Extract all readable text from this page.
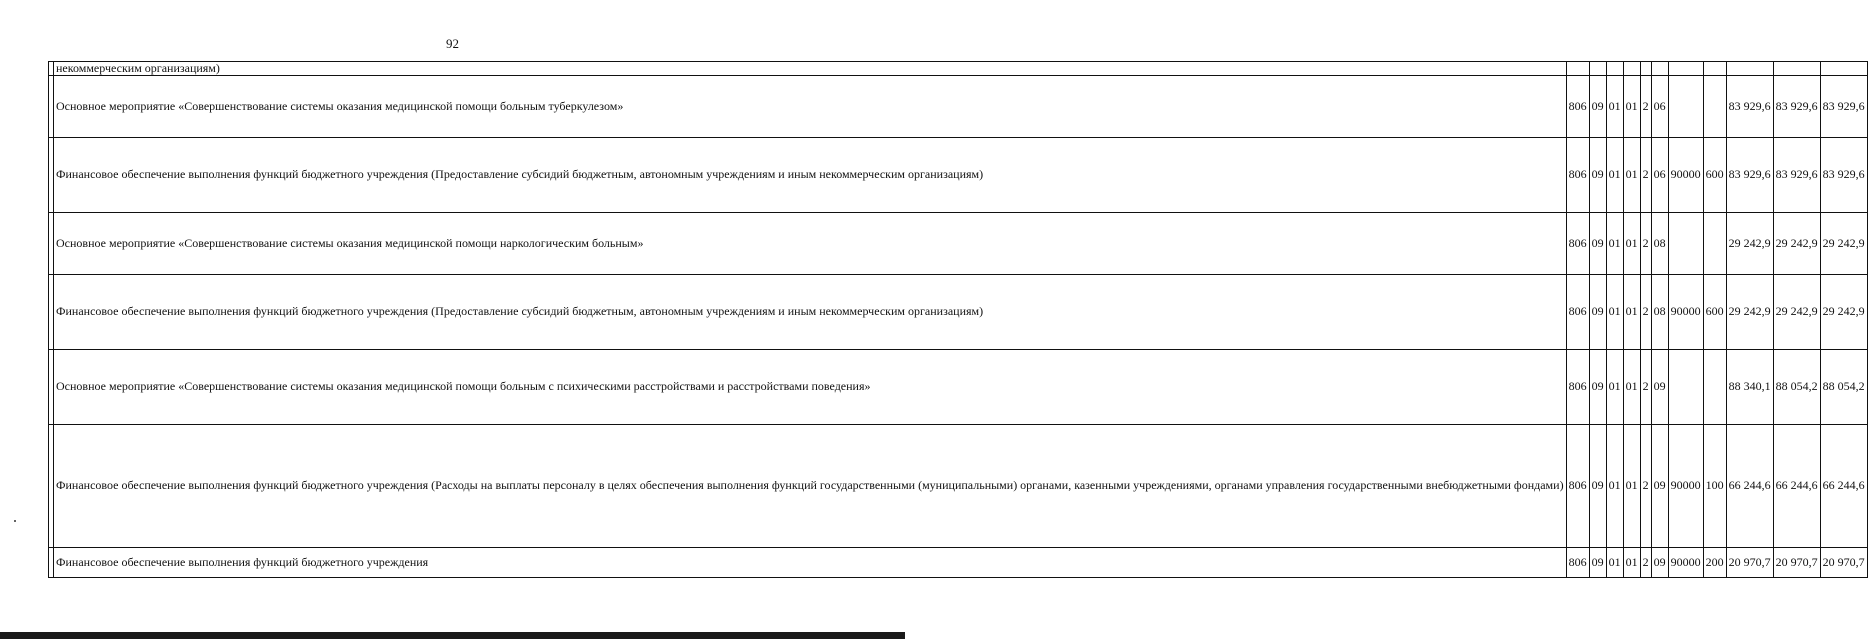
92
	некоммерческим организациям)											
	Основное мероприятие «Совершенствование системы оказания медицинской помощи больным туберкулезом»	806	09	01	01	2	06			83 929,6	83 929,6	83 929,6
	Финансовое обеспечение выполнения функций бюджетного учреждения (Предоставление субсидий бюджетным, автономным учреждениям и иным некоммерческим организациям)	806	09	01	01	2	06	90000	600	83 929,6	83 929,6	83 929,6
	Основное мероприятие «Совершенствование системы оказания медицинской помощи наркологическим больным»	806	09	01	01	2	08			29 242,9	29 242,9	29 242,9
	Финансовое обеспечение выполнения функций бюджетного учреждения (Предоставление субсидий бюджетным, автономным учреждениям и иным некоммерческим организациям)	806	09	01	01	2	08	90000	600	29 242,9	29 242,9	29 242,9
	Основное мероприятие «Совершенствование системы оказания медицинской помощи больным с психическими расстройствами и расстройствами поведения»	806	09	01	01	2	09			88 340,1	88 054,2	88 054,2
	Финансовое обеспечение выполнения функций бюджетного учреждения (Расходы на выплаты персоналу в целях обеспечения выполнения функций государственными (муниципальными) органами, казенными учреждениями, органами управления государственными внебюджетными фондами)	806	09	01	01	2	09	90000	100	66 244,6	66 244,6	66 244,6
	Финансовое обеспечение выполнения функций бюджетного учреждения	806	09	01	01	2	09	90000	200	20 970,7	20 970,7	20 970,7
